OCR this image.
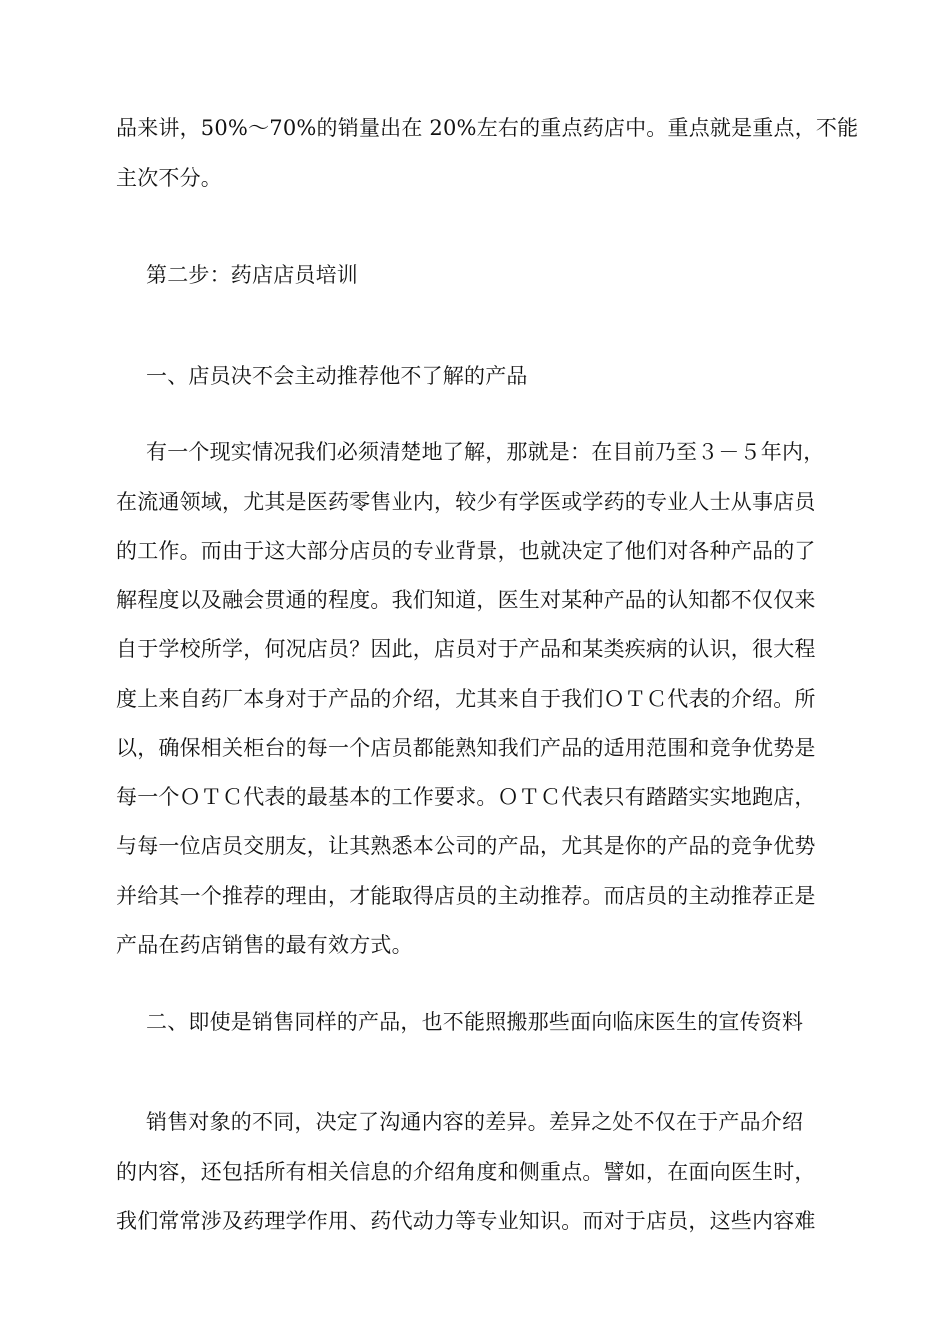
品来讲，50%～70%的销量出在 20%左右的重点药店中。重点就是重点，不能
主次不分。
第二步：药店店员培训
一、店员决不会主动推荐他不了解的产品
有一个现实情况我们必须清楚地了解，那就是：在目前乃至３－５年内，
在流通领域，尤其是医药零售业内，较少有学医或学药的专业人士从事店员
的工作。而由于这大部分店员的专业背景，也就决定了他们对各种产品的了
解程度以及融会贯通的程度。我们知道，医生对某种产品的认知都不仅仅来
自于学校所学，何况店员？因此，店员对于产品和某类疾病的认识，很大程
度上来自药厂本身对于产品的介绍，尤其来自于我们ＯＴＣ代表的介绍。所
以，确保相关柜台的每一个店员都能熟知我们产品的适用范围和竞争优势是
每一个ＯＴＣ代表的最基本的工作要求。ＯＴＣ代表只有踏踏实实地跑店，
与每一位店员交朋友，让其熟悉本公司的产品，尤其是你的产品的竞争优势
并给其一个推荐的理由，才能取得店员的主动推荐。而店员的主动推荐正是
产品在药店销售的最有效方式。
二、即使是销售同样的产品，也不能照搬那些面向临床医生的宣传资料
销售对象的不同，决定了沟通内容的差异。差异之处不仅在于产品介绍
的内容，还包括所有相关信息的介绍角度和侧重点。譬如，在面向医生时，
我们常常涉及药理学作用、药代动力等专业知识。而对于店员，这些内容难
